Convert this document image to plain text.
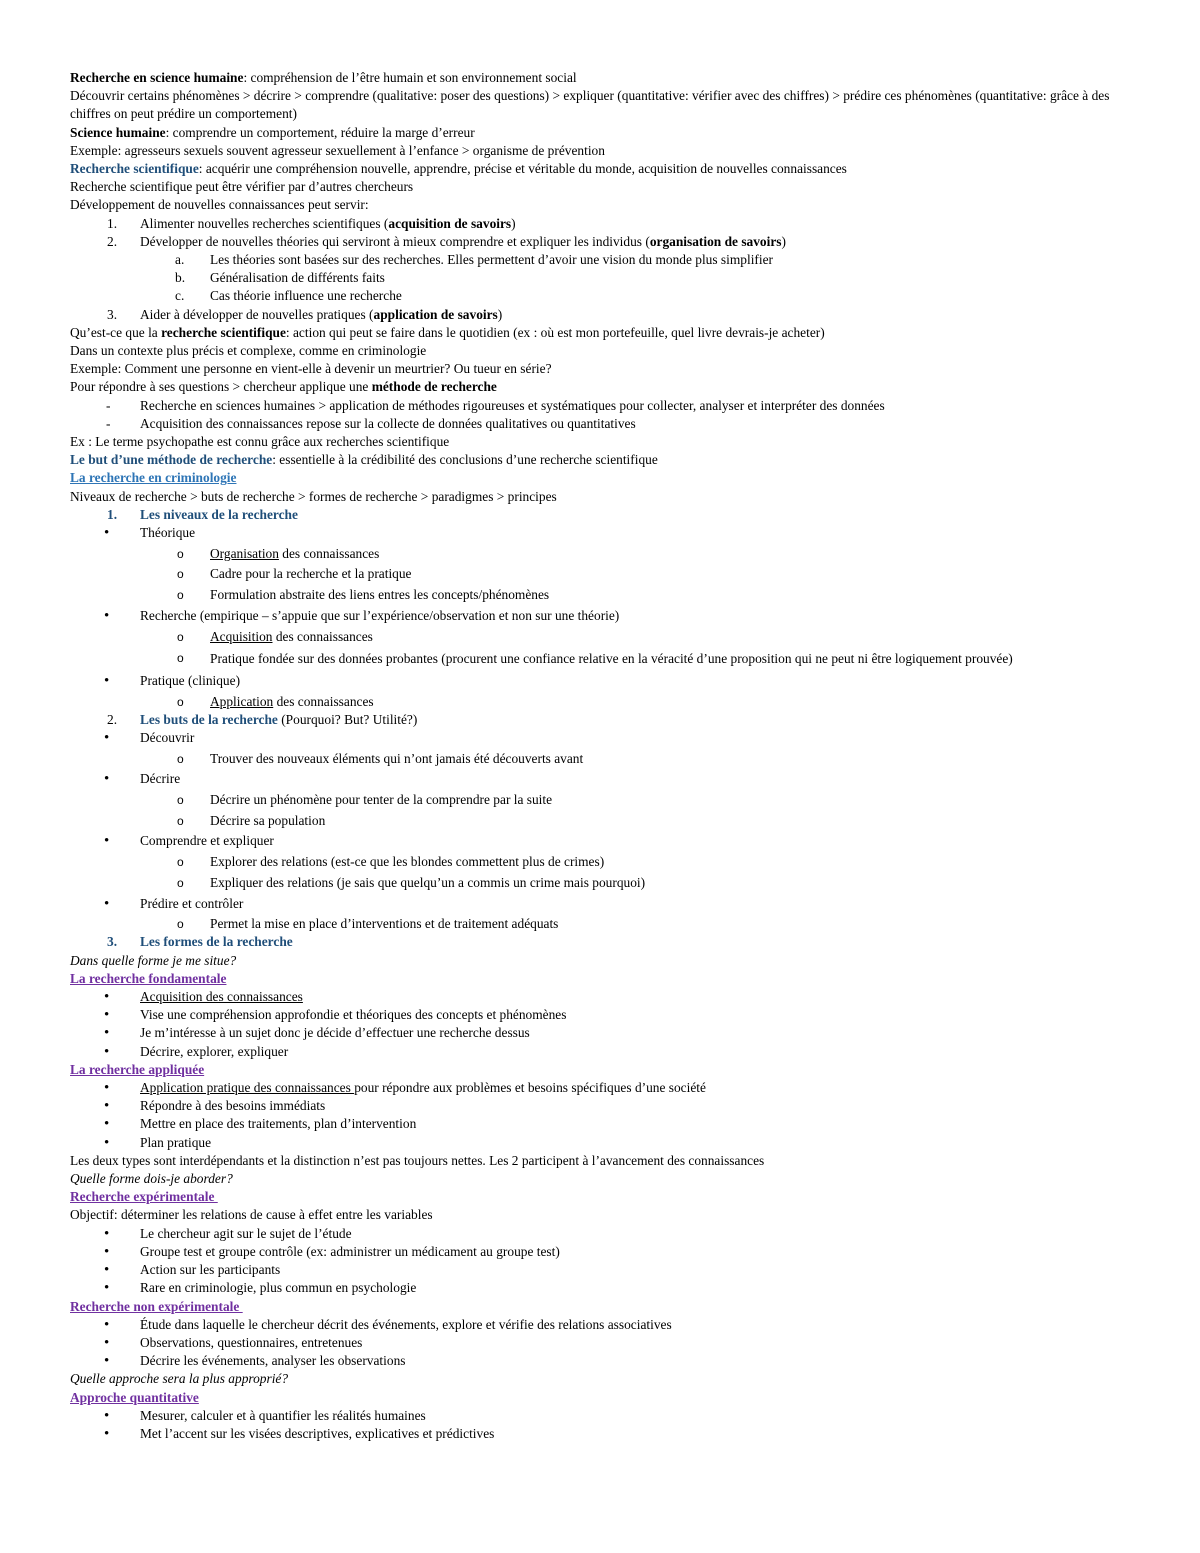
Recherche en science humaine: compréhension de l’être humain et son environnement social

Découvrir certains phénomènes > décrire > comprendre (qualitative: poser des questions) > expliquer (quantitative: vérifier avec des chiffres) > prédire ces phénomènes (quantitative: grâce à des chiffres on peut prédire un comportement)

Science humaine: comprendre un comportement, réduire la marge d’erreur

Exemple: agresseurs sexuels souvent agresseur sexuellement à l’enfance > organisme de prévention

Recherche scientifique: acquérir une compréhension nouvelle, apprendre, précise et véritable du monde, acquisition de nouvelles connaissances

Recherche scientifique peut être vérifier par d’autres chercheurs

Développement de nouvelles connaissances peut servir:

1. Alimenter nouvelles recherches scientifiques (acquisition de savoirs)
2. Développer de nouvelles théories qui serviront à mieux comprendre et expliquer les individus (organisation de savoirs)
a. Les théories sont basées sur des recherches. Elles permettent d’avoir une vision du monde plus simplifier
b. Généralisation de différents faits
c. Cas théorie influence une recherche
3. Aider à développer de nouvelles pratiques (application de savoirs)

Qu’est-ce que la recherche scientifique: action qui peut se faire dans le quotidien (ex : où est mon portefeuille, quel livre devrais-je acheter)

Dans un contexte plus précis et complexe, comme en criminologie

Exemple: Comment une personne en vient-elle à devenir un meurtrier? Ou tueur en série?

Pour répondre à ses questions > chercheur applique une méthode de recherche

- Recherche en sciences humaines > application de méthodes rigoureuses et systématiques pour collecter, analyser et interpréter des données
- Acquisition des connaissances repose sur la collecte de données qualitatives ou quantitatives

Ex : Le terme psychopathe est connu grâce aux recherches scientifique

Le but d’une méthode de recherche: essentielle à la crédibilité des conclusions d’une recherche scientifique

La recherche en criminologie

Niveaux de recherche > buts de recherche > formes de recherche > paradigmes > principes

1. Les niveaux de la recherche
• Théorique
o Organisation des connaissances
o Cadre pour la recherche et la pratique
o Formulation abstraite des liens entres les concepts/phénomènes
• Recherche (empirique – s’appuie que sur l’expérience/observation et non sur une théorie)
o Acquisition des connaissances
o Pratique fondée sur des données probantes (procurent une confiance relative en la véracité d’une proposition qui ne peut ni être logiquement prouvée)
• Pratique (clinique)
o Application des connaissances
2. Les buts de la recherche (Pourquoi? But? Utilité?)
• Découvrir
o Trouver des nouveaux éléments qui n’ont jamais été découverts avant
• Décrire
o Décrire un phénomène pour tenter de la comprendre par la suite
o Décrire sa population
• Comprendre et expliquer
o Explorer des relations (est-ce que les blondes commettent plus de crimes)
o Expliquer des relations (je sais que quelqu’un a commis un crime mais pourquoi)
• Prédire et contrôler
o Permet la mise en place d’interventions et de traitement adéquats
3. Les formes de la recherche

Dans quelle forme je me situe?

La recherche fondamentale

• Acquisition des connaissances
• Vise une compréhension approfondie et théoriques des concepts et phénomènes
• Je m’intéresse à un sujet donc je décide d’effectuer une recherche dessus
• Décrire, explorer, expliquer

La recherche appliquée

• Application pratique des connaissances pour répondre aux problèmes et besoins spécifiques d’une société
• Répondre à des besoins immédiats
• Mettre en place des traitements, plan d’intervention
• Plan pratique

Les deux types sont interdépendants et la distinction n’est pas toujours nettes. Les 2 participent à l’avancement des connaissances

Quelle forme dois-je aborder?

Recherche expérimentale

Objectif: déterminer les relations de cause à effet entre les variables

• Le chercheur agit sur le sujet de l’étude
• Groupe test et groupe contrôle (ex: administrer un médicament au groupe test)
• Action sur les participants
• Rare en criminologie, plus commun en psychologie

Recherche non expérimentale

• Étude dans laquelle le chercheur décrit des événements, explore et vérifie des relations associatives
• Observations, questionnaires, entretenues
• Décrire les événements, analyser les observations

Quelle approche sera la plus approprié?

Approche quantitative

• Mesurer, calculer et à quantifier les réalités humaines
• Met l’accent sur les visées descriptives, explicatives et prédictives
